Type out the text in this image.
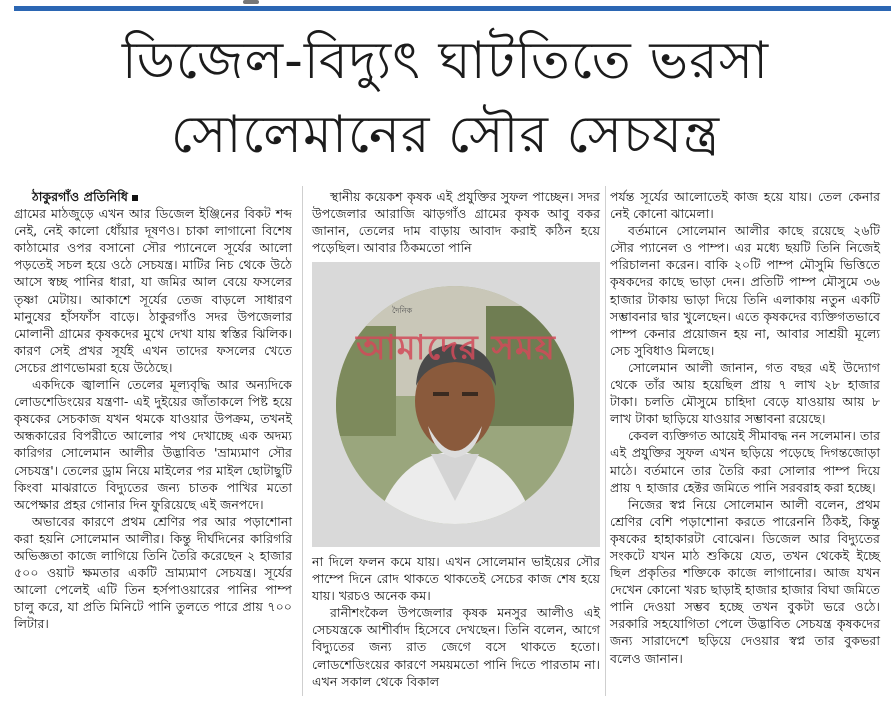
ডিজেল-বিদ্যুৎ ঘাটতিতে ভরসা
সোলেমানের সৌর সেচযন্ত্র

ঠাকুরগাঁও প্রতিনিধি

গ্রামের মাঠজুড়ে এখন আর ডিজেল ইঞ্জিনের বিকট শব্দ নেই, নেই কালো ধোঁয়ার দূষণও। চাকা লাগানো বিশেষ কাঠামোর ওপর বসানো সৌর প্যানেলে সূর্যের আলো পড়তেই সচল হয়ে ওঠে সেচযন্ত্র। মাটির নিচ থেকে উঠে আসে স্বচ্ছ পানির ধারা, যা জমির আল বেয়ে ফসলের তৃষ্ণা মেটায়। আকাশে সূর্যের তেজ বাড়লে সাধারণ মানুষের হাঁসফাঁস বাড়ে। ঠাকুরগাঁও সদর উপজেলার মোলানী গ্রামের কৃষকদের মুখে দেখা যায় স্বস্তির ঝিলিক। কারণ সেই প্রখর সূর্যই এখন তাদের ফসলের খেতে সেচের প্রাণভোমরা হয়ে উঠেছে।

একদিকে জ্বালানি তেলের মূল্যবৃদ্ধি আর অন্যদিকে লোডশেডিংয়ের যন্ত্রণা- এই দুইয়ের জাঁতাকলে পিষ্ট হয়ে কৃষকের সেচকাজ যখন থমকে যাওয়ার উপক্রম, তখনই অন্ধকারের বিপরীতে আলোর পথ দেখাচ্ছে এক অদম্য কারিগর সোলেমান আলীর উদ্ভাবিত 'ভ্রাম্যমাণ সৌর সেচযন্ত্র'। তেলের ড্রাম নিয়ে মাইলের পর মাইল ছোটাছুটি কিংবা মাঝরাতে বিদ্যুতের জন্য চাতক পাখির মতো অপেক্ষার প্রহর গোনার দিন ফুরিয়েছে এই জনপদে।

অভাবের কারণে প্রথম শ্রেণির পর আর পড়াশোনা করা হয়নি সোলেমান আলীর। কিন্তু দীর্ঘদিনের কারিগরি অভিজ্ঞতা কাজে লাগিয়ে তিনি তৈরি করেছেন ২ হাজার ৫০০ ওয়াট ক্ষমতার একটি ভ্রাম্যমাণ সেচযন্ত্র। সূর্যের আলো পেলেই এটি তিন হর্সপাওয়ারের পানির পাম্প চালু করে, যা প্রতি মিনিটে পানি তুলতে পারে প্রায় ৭০০ লিটার।

স্থানীয় কয়েকশ কৃষক এই প্রযুক্তির সুফল পাচ্ছেন। সদর উপজেলার আরাজি ঝাড়গাঁও গ্রামের কৃষক আবু বকর জানান, তেলের দাম বাড়ায় আবাদ করাই কঠিন হয়ে পড়েছিল। আবার ঠিকমতো পানি

দৈনিক
আমাদের সময়

না দিলে ফলন কমে যায়। এখন সোলেমান ভাইয়ের সৌর পাম্পে দিনে রোদ থাকতে থাকতেই সেচের কাজ শেষ হয়ে যায়। খরচও অনেক কম।

রানীশংকৈল উপজেলার কৃষক মনসুর আলীও এই সেচযন্ত্রকে আশীর্বাদ হিসেবে দেখছেন। তিনি বলেন, আগে বিদ্যুতের জন্য রাত জেগে বসে থাকতে হতো। লোডশেডিংয়ের কারণে সময়মতো পানি দিতে পারতাম না। এখন সকাল থেকে বিকাল

পর্যন্ত সূর্যের আলোতেই কাজ হয়ে যায়। তেল কেনার নেই কোনো ঝামেলা।

বর্তমানে সোলেমান আলীর কাছে রয়েছে ২৬টি সৌর প্যানেল ও পাম্প। এর মধ্যে ছয়টি তিনি নিজেই পরিচালনা করেন। বাকি ২০টি পাম্প মৌসুমি ভিত্তিতে কৃষকদের কাছে ভাড়া দেন। প্রতিটি পাম্প মৌসুমে ৩৬ হাজার টাকায় ভাড়া দিয়ে তিনি এলাকায় নতুন একটি সম্ভাবনার দ্বার খুলেছেন। এতে কৃষকদের ব্যক্তিগতভাবে পাম্প কেনার প্রয়োজন হয় না, আবার সাশ্রয়ী মূল্যে সেচ সুবিধাও মিলছে।

সোলেমান আলী জানান, গত বছর এই উদ্যোগ থেকে তাঁর আয় হয়েছিল প্রায় ৭ লাখ ২৮ হাজার টাকা। চলতি মৌসুমে চাহিদা বেড়ে যাওয়ায় আয় ৮ লাখ টাকা ছাড়িয়ে যাওয়ার সম্ভাবনা রয়েছে।

কেবল ব্যক্তিগত আয়েই সীমাবদ্ধ নন সলেমান। তার এই প্রযুক্তির সুফল এখন ছড়িয়ে পড়েছে দিগন্তজোড়া মাঠে। বর্তমানে তার তৈরি করা সোলার পাম্প দিয়ে প্রায় ৭ হাজার হেক্টর জমিতে পানি সরবরাহ করা হচ্ছে।

নিজের স্বপ্ন নিয়ে সোলেমান আলী বলেন, প্রথম শ্রেণির বেশি পড়াশোনা করতে পারেননি ঠিকই, কিন্তু কৃষকের হাহাকারটা বোঝেন। ডিজেল আর বিদ্যুতের সংকটে যখন মাঠ শুকিয়ে যেত, তখন থেকেই ইচ্ছে ছিল প্রকৃতির শক্তিকে কাজে লাগানোর। আজ যখন দেখেন কোনো খরচ ছাড়াই হাজার হাজার বিঘা জমিতে পানি দেওয়া সম্ভব হচ্ছে তখন বুকটা ভরে ওঠে। সরকারি সহযোগিতা পেলে উদ্ভাবিত সেচযন্ত্র কৃষকদের জন্য সারাদেশে ছড়িয়ে দেওয়ার স্বপ্ন তার বুকভরা বলেও জানান।
